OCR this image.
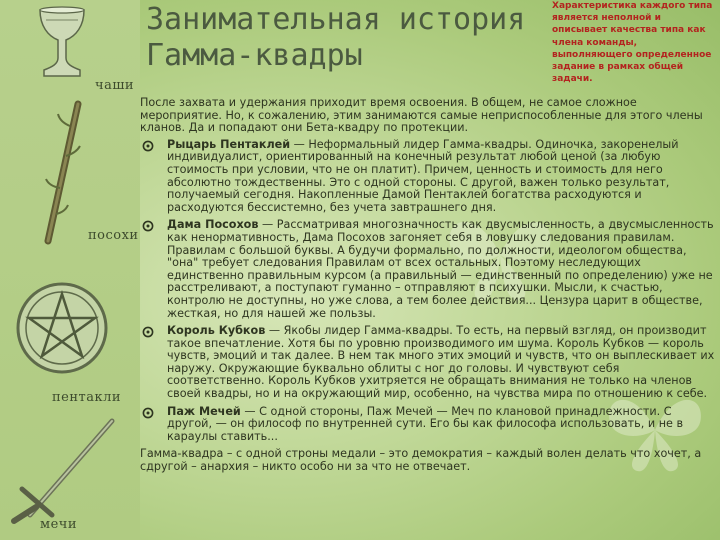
чаши
посохи
пентакли
мечи
Занимательная история
Гамма-квадры
Характеристика каждого типа является неполной и описывает качества типа как члена команды, выполняющего определенное задание в рамках общей задачи.

После захвата и удержания приходит время освоения. В общем, не самое сложное мероприятие. Но, к сожалению, этим занимаются самые неприспособленные для этого члены кланов. Да и попадают они Бета-квадру по протекции.

Рыцарь Пентаклей — Неформальный лидер Гамма-квадры. Одиночка, закоренелый индивидуалист, ориентированный на конечный результат любой ценой (за любую стоимость при условии, что не он платит). Причем, ценность и стоимость для него абсолютно тождественны. Это с одной стороны. С другой, важен только результат, получаемый сегодня. Накопленные Дамой Пентаклей богатства расходуются и расходуются бессистемно, без учета завтрашнего дня.
Дама Посохов — Рассматривая многозначность как двусмысленность, а двусмысленность как ненормативность, Дама Посохов загоняет себя в ловушку следования правилам. Правилам с большой буквы. А будучи формально, по должности, идеологом общества, "она" требует следования Правилам от всех остальных. Поэтому неследующих единственно правильным курсом (а правильный — единственный по определению) уже не расстреливают, а поступают гуманно – отправляют в психушки. Мысли, к счастью, контролю не доступны, но уже слова, а тем более действия... Цензура царит в обществе, жесткая, но для нашей же пользы.
Король Кубков — Якобы лидер Гамма-квадры. То есть, на первый взгляд, он производит такое впечатление. Хотя бы по уровню производимого им шума. Король Кубков — король чувств, эмоций и так далее. В нем так много этих эмоций и чувств, что он выплескивает их наружу. Окружающие буквально облиты с ног до головы. И чувствуют себя соответственно. Король Кубков ухитряется не обращать внимания не только на членов своей квадры, но и на окружающий мир, особенно, на чувства мира по отношению к себе.
Паж Мечей — С одной стороны, Паж Мечей — Меч по клановой принадлежности. С другой, — он философ по внутренней сути. Его бы как философа использовать, и не в караулы ставить...

Гамма-квадра – с одной строны медали – это демократия – каждый волен делать что хочет, а сдругой – анархия – никто особо ни за что не отвечает.
